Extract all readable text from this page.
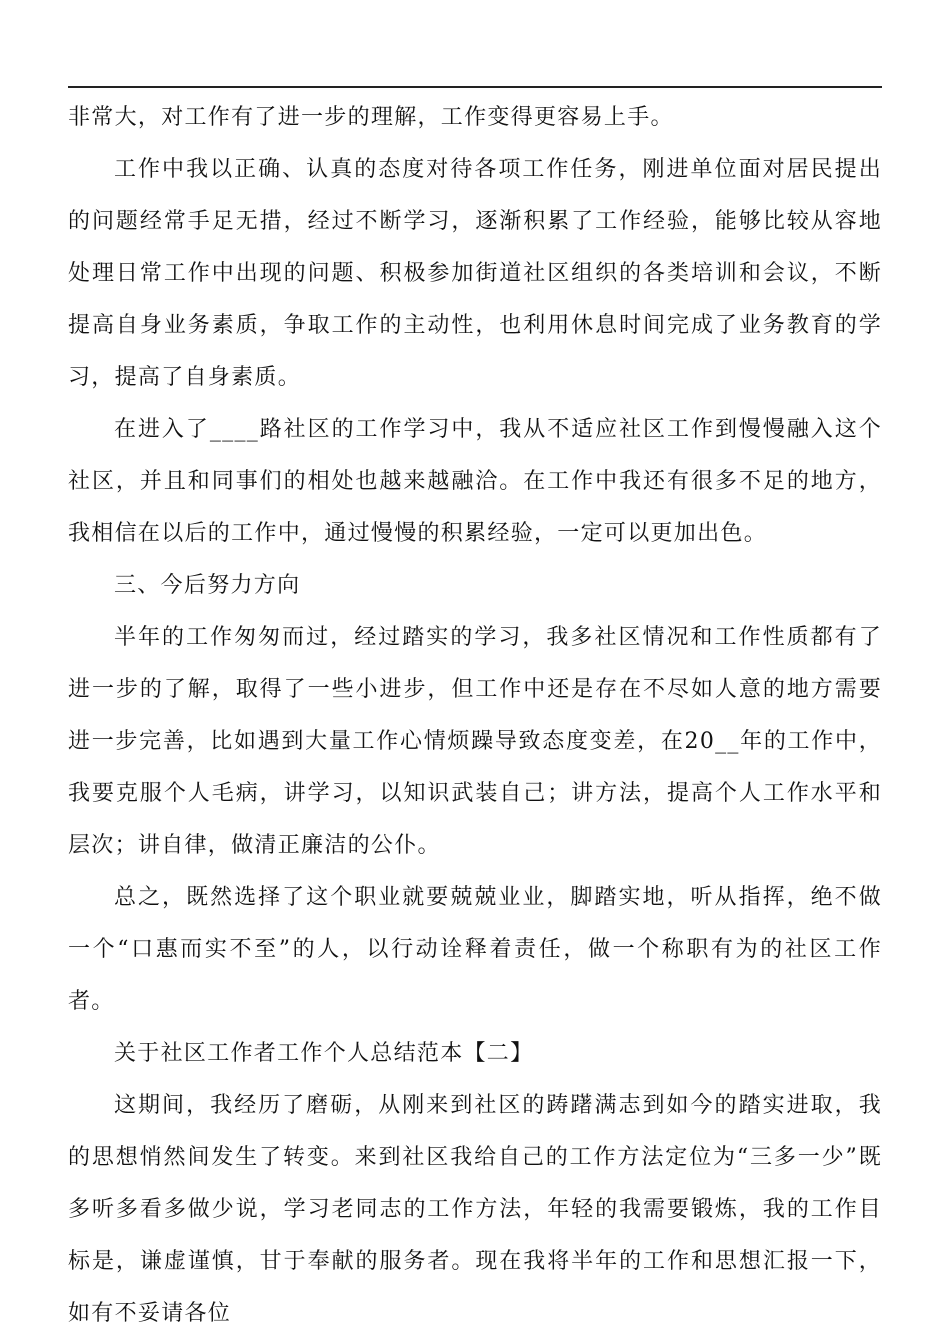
非常大，对工作有了进一步的理解，工作变得更容易上手。

工作中我以正确、认真的态度对待各项工作任务，刚进单位面对居民提出的问题经常手足无措，经过不断学习，逐渐积累了工作经验，能够比较从容地处理日常工作中出现的问题、积极参加街道社区组织的各类培训和会议，不断提高自身业务素质，争取工作的主动性，也利用休息时间完成了业务教育的学习，提高了自身素质。

在进入了____路社区的工作学习中，我从不适应社区工作到慢慢融入这个社区，并且和同事们的相处也越来越融洽。在工作中我还有很多不足的地方，我相信在以后的工作中，通过慢慢的积累经验，一定可以更加出色。

三、今后努力方向

半年的工作匆匆而过，经过踏实的学习，我多社区情况和工作性质都有了进一步的了解，取得了一些小进步，但工作中还是存在不尽如人意的地方需要进一步完善，比如遇到大量工作心情烦躁导致态度变差，在20__年的工作中，我要克服个人毛病，讲学习，以知识武装自己；讲方法，提高个人工作水平和层次；讲自律，做清正廉洁的公仆。

总之，既然选择了这个职业就要兢兢业业，脚踏实地，听从指挥，绝不做一个“口惠而实不至”的人，以行动诠释着责任，做一个称职有为的社区工作者。

关于社区工作者工作个人总结范本【二】

这期间，我经历了磨砺，从刚来到社区的踌躇满志到如今的踏实进取，我的思想悄然间发生了转变。来到社区我给自己的工作方法定位为“三多一少”既多听多看多做少说，学习老同志的工作方法，年轻的我需要锻炼，我的工作目标是，谦虚谨慎，甘于奉献的服务者。现在我将半年的工作和思想汇报一下，如有不妥请各位
